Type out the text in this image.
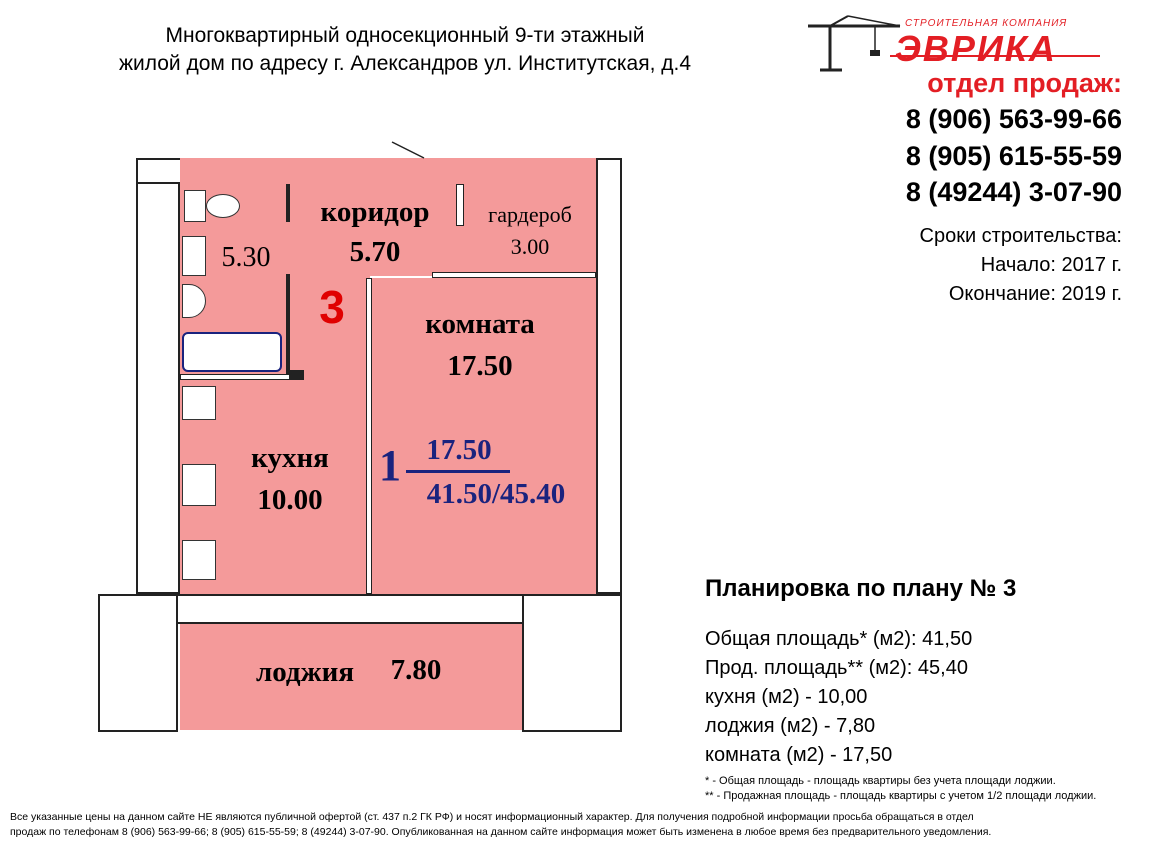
Многоквартирный односекционный 9-ти этажный
жилой дом по адресу г. Александров ул. Институтская, д.4
СТРОИТЕЛЬНАЯ КОМПАНИЯ
ЭВРИКА
отдел продаж:
8 (906) 563-99-66
8 (905) 615-55-59
8 (49244) 3-07-90
Сроки строительства:
Начало: 2017 г.
Окончание: 2019 г.
коридор
5.70
гардероб
3.00
5.30
3	комната
17.50
кухня
10.00
1 17.50
41.50/45.40
лоджия	7.80
Планировка по плану № 3
Общая площадь* (м2): 41,50
Прод. площадь** (м2): 45,40
кухня (м2) - 10,00
лоджия (м2) - 7,80
комната (м2) - 17,50
* - Общая площадь - площадь квартиры без учета площади лоджии.
** - Продажная площадь - площадь квартиры с учетом 1/2 площади лоджии.
Все указанные цены на данном сайте НЕ являются публичной офертой (ст. 437 п.2 ГК РФ) и носят информационный характер. Для получения подробной информации просьба обращаться в отдел
продаж по телефонам 8 (906) 563-99-66; 8 (905) 615-55-59; 8 (49244) 3-07-90. Опубликованная на данном сайте информация может быть изменена в любое время без предварительного уведомления.
